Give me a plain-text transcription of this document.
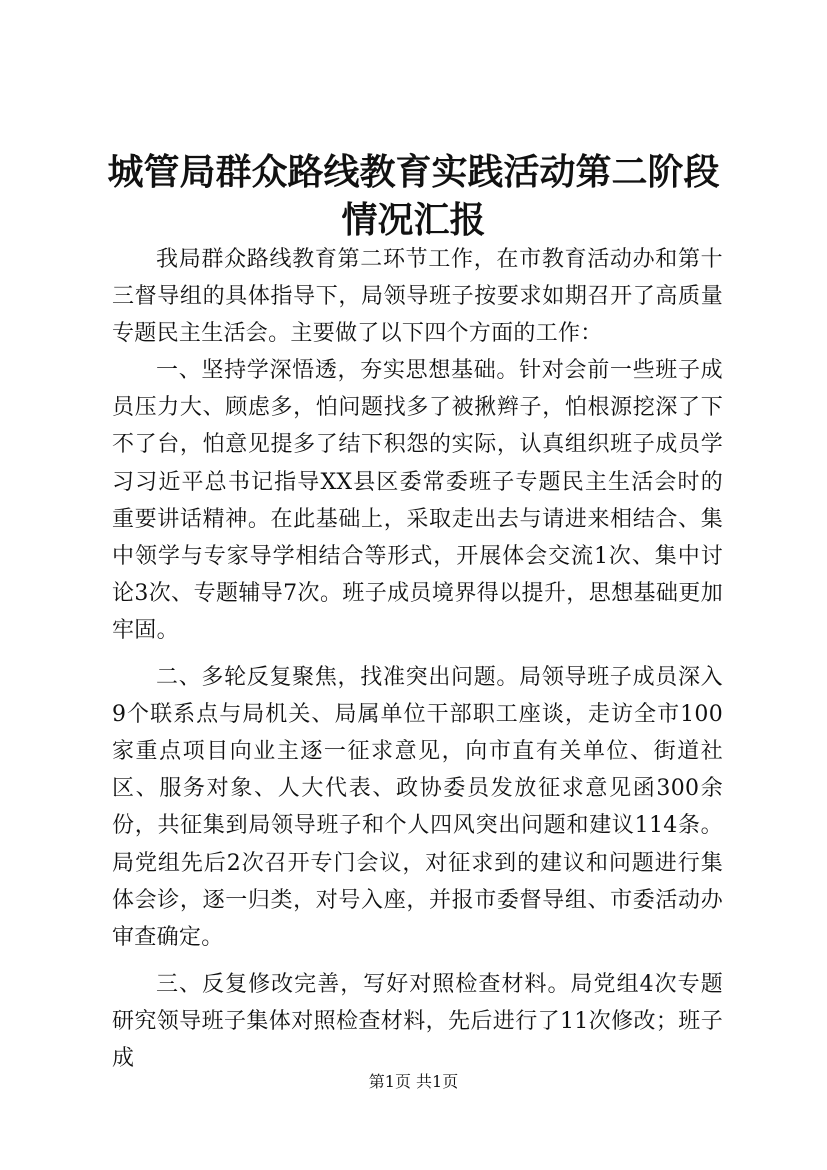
城管局群众路线教育实践活动第二阶段情况汇报

我局群众路线教育第二环节工作，在市教育活动办和第十三督导组的具体指导下，局领导班子按要求如期召开了高质量专题民主生活会。主要做了以下四个方面的工作：

一、坚持学深悟透，夯实思想基础。针对会前一些班子成员压力大、顾虑多，怕问题找多了被揪辫子，怕根源挖深了下不了台，怕意见提多了结下积怨的实际，认真组织班子成员学习习近平总书记指导XX县区委常委班子专题民主生活会时的重要讲话精神。在此基础上，采取走出去与请进来相结合、集中领学与专家导学相结合等形式，开展体会交流1次、集中讨论3次、专题辅导7次。班子成员境界得以提升，思想基础更加牢固。

二、多轮反复聚焦，找准突出问题。局领导班子成员深入9个联系点与局机关、局属单位干部职工座谈，走访全市100家重点项目向业主逐一征求意见，向市直有关单位、街道社区、服务对象、人大代表、政协委员发放征求意见函300余份，共征集到局领导班子和个人四风突出问题和建议114条。局党组先后2次召开专门会议，对征求到的建议和问题进行集体会诊，逐一归类，对号入座，并报市委督导组、市委活动办审查确定。

三、反复修改完善，写好对照检查材料。局党组4次专题研究领导班子集体对照检查材料，先后进行了11次修改；班子成

第1页 共1页
